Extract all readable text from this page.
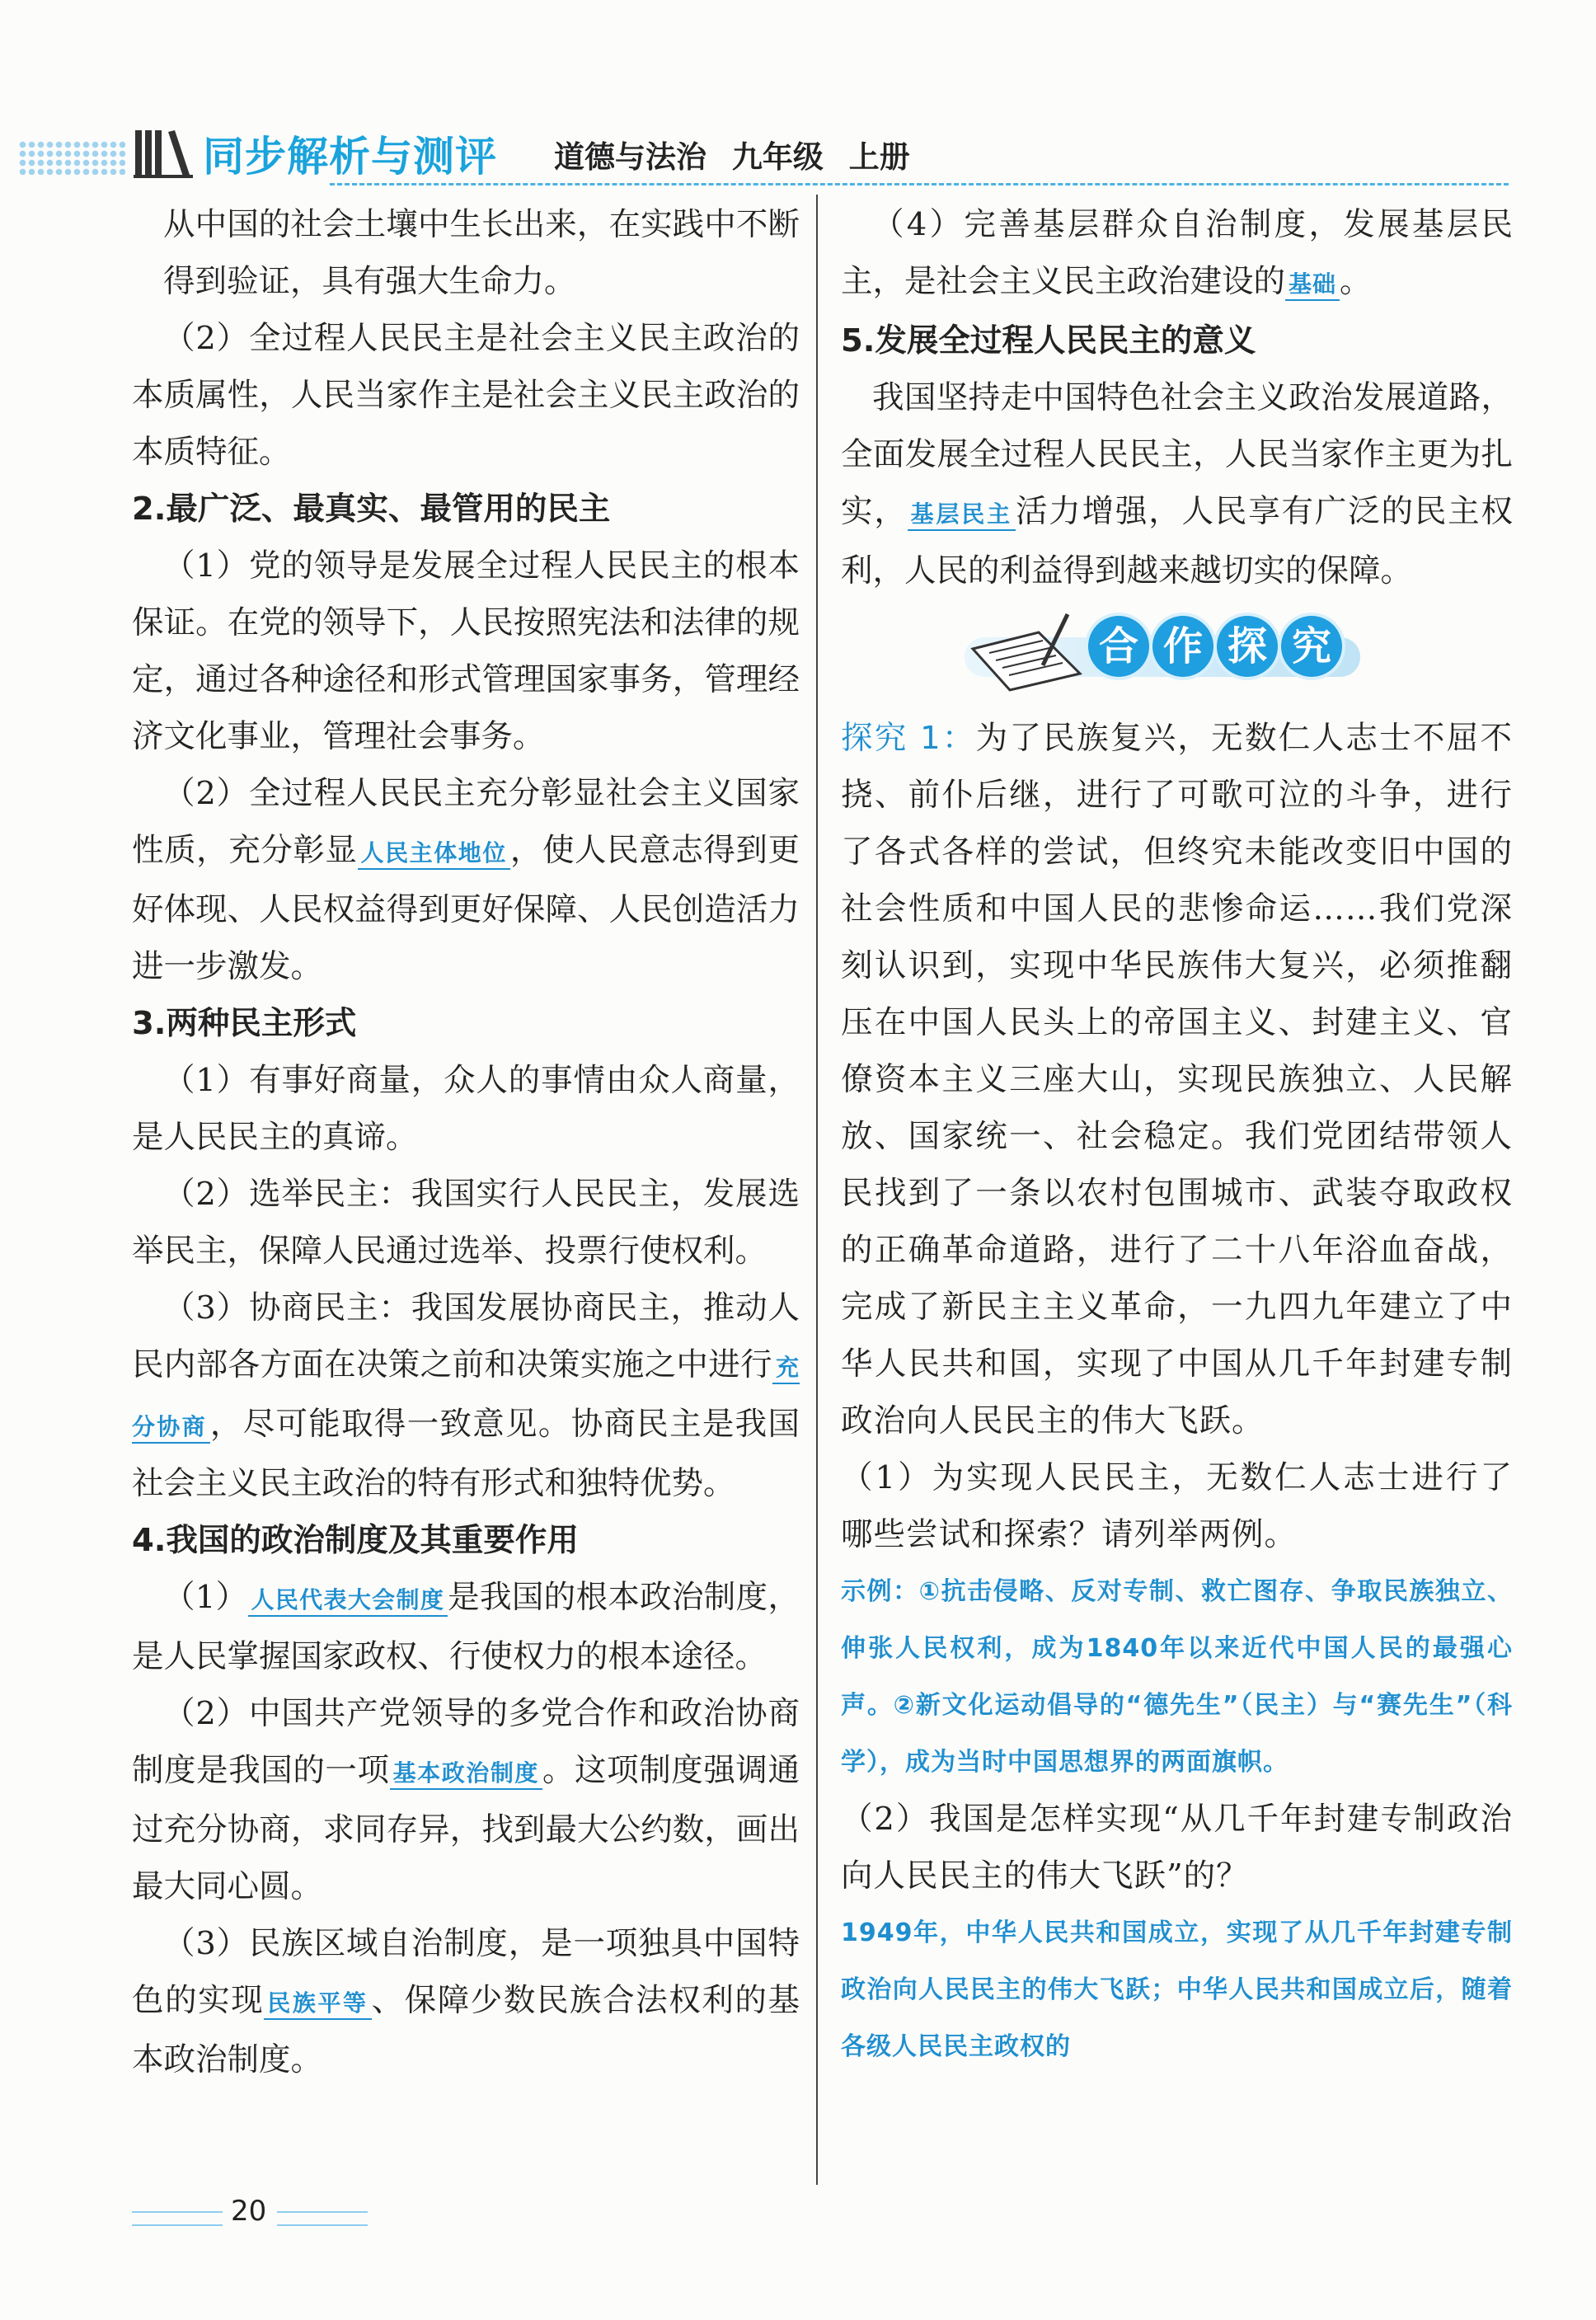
同步解析与测评 道德与法治 九年级 上册

从中国的社会土壤中生长出来，在实践中不断得到验证，具有强大生命力。

（2）全过程人民民主是社会主义民主政治的本质属性，人民当家作主是社会主义民主政治的本质特征。

2.最广泛、最真实、最管用的民主

（1）党的领导是发展全过程人民民主的根本保证。在党的领导下，人民按照宪法和法律的规定，通过各种途径和形式管理国家事务，管理经济文化事业，管理社会事务。

（2）全过程人民民主充分彰显社会主义国家性质，充分彰显 人民主体地位 ，使人民意志得到更好体现、人民权益得到更好保障、人民创造活力进一步激发。

3.两种民主形式

（1）有事好商量，众人的事情由众人商量，是人民民主的真谛。

（2）选举民主：我国实行人民民主，发展选举民主，保障人民通过选举、投票行使权利。

（3）协商民主：我国发展协商民主，推动人民内部各方面在决策之前和决策实施之中进行 充分协商 ，尽可能取得一致意见。协商民主是我国社会主义民主政治的特有形式和独特优势。

4.我国的政治制度及其重要作用

（1） 人民代表大会制度 是我国的根本政治制度，是人民掌握国家政权、行使权力的根本途径。

（2）中国共产党领导的多党合作和政治协商制度是我国的一项 基本政治制度 。这项制度强调通过充分协商，求同存异，找到最大公约数，画出最大同心圆。

（3）民族区域自治制度，是一项独具中国特色的实现 民族平等 、保障少数民族合法权利的基本政治制度。

（4）完善基层群众自治制度，发展基层民主，是社会主义民主政治建设的 基础 。

5.发展全过程人民民主的意义

我国坚持走中国特色社会主义政治发展道路，全面发展全过程人民民主，人民当家作主更为扎实， 基层民主 活力增强，人民享有广泛的民主权利，人民的利益得到越来越切实的保障。

合 作 探 究

探究 1：为了民族复兴，无数仁人志士不屈不挠、前仆后继，进行了可歌可泣的斗争，进行了各式各样的尝试，但终究未能改变旧中国的社会性质和中国人民的悲惨命运……我们党深刻认识到，实现中华民族伟大复兴，必须推翻压在中国人民头上的帝国主义、封建主义、官僚资本主义三座大山，实现民族独立、人民解放、国家统一、社会稳定。我们党团结带领人民找到了一条以农村包围城市、武装夺取政权的正确革命道路，进行了二十八年浴血奋战，完成了新民主主义革命，一九四九年建立了中华人民共和国，实现了中国从几千年封建专制政治向人民民主的伟大飞跃。

（1）为实现人民民主，无数仁人志士进行了哪些尝试和探索？请列举两例。

示例：①抗击侵略、反对专制、救亡图存、争取民族独立、伸张人民权利，成为1840年以来近代中国人民的最强心声。②新文化运动倡导的“德先生”（民主）与“赛先生”（科学），成为当时中国思想界的两面旗帜。

（2）我国是怎样实现“从几千年封建专制政治向人民民主的伟大飞跃”的？

1949年，中华人民共和国成立，实现了从几千年封建专制政治向人民民主的伟大飞跃；中华人民共和国成立后，随着各级人民民主政权的

20
